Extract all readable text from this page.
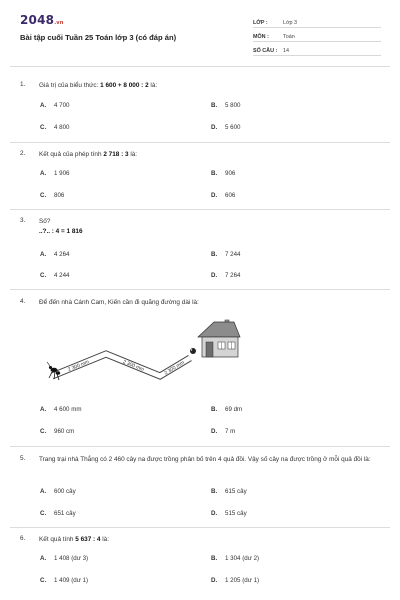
2048.vn
Bài tập cuối Tuần 25 Toán lớp 3 (có đáp án)
LỚP :	Lớp 3
MÔN :	Toán
SỐ CÂU :	14
1. Giá trị của biểu thức: 1 600 + 8 000 : 2 là:
A. 4 700	B. 5 800
C. 4 800	D. 5 600
2. Kết quả của phép tính 2 718 : 3 là:
A. 1 906	B. 906
C. 806	D. 606
3. Số?
..?.. : 4 = 1 816
A. 4 264	B. 7 244
C. 4 244	D. 7 264
4. Để đến nhà Cánh Cam, Kiến cần đi quãng đường dài là:
2 300 mm	2 300 mm	2 300 mm
A. 4 600 mm	B. 69 dm
C. 960 cm	D. 7 m
5. Trang trại nhà Thắng có 2 460 cây na được trồng phân bố trên 4 quả đồi. Vậy số cây na được trồng ở mỗi quả đồi là:
A. 600 cây	B. 615 cây
C. 651 cây	D. 515 cây
6. Kết quả tính 5 637 : 4 là:
A. 1 408 (dư 3)	B. 1 304 (dư 2)
C. 1 409 (dư 1)	D. 1 205 (dư 1)
